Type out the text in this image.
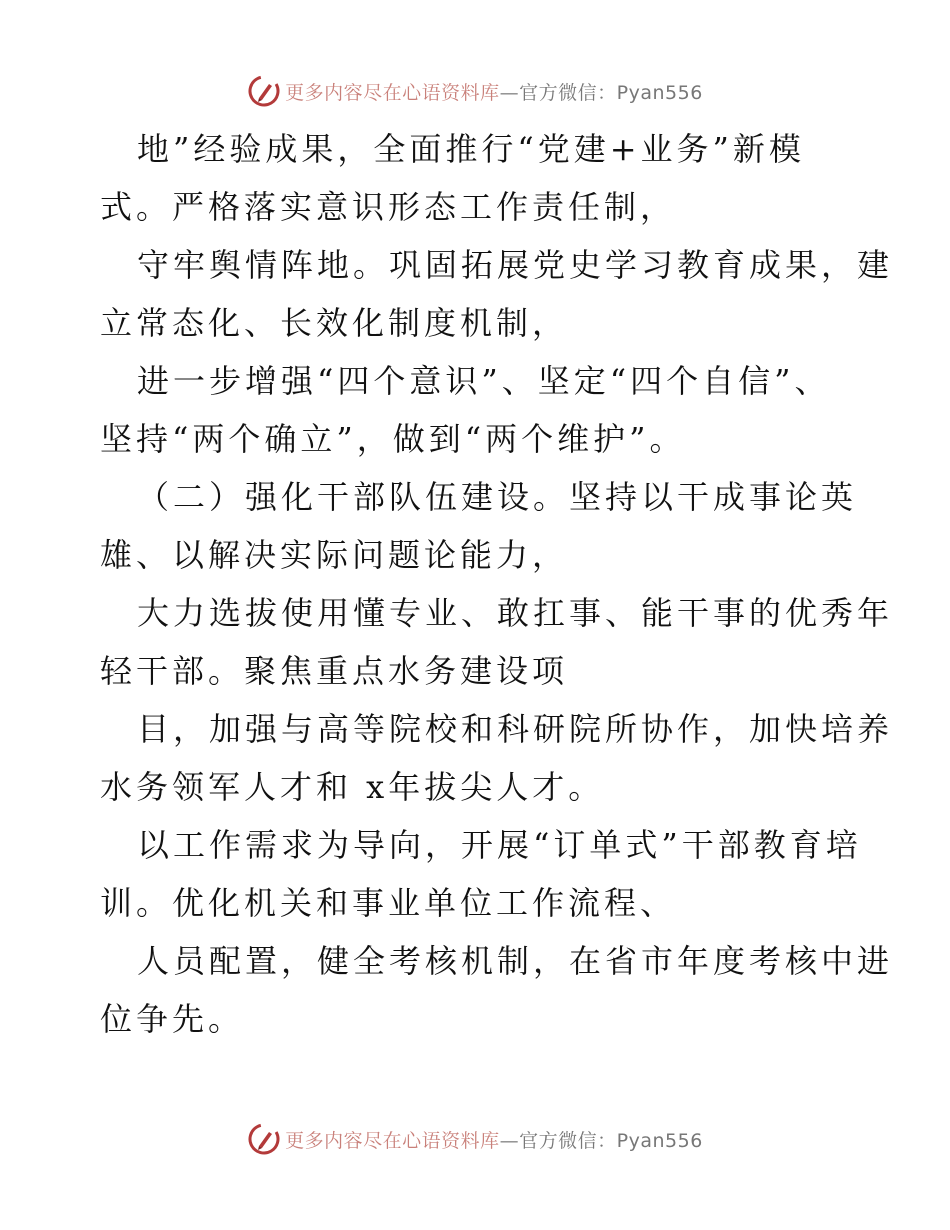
更多内容尽在心语资料库—官方微信：Pyan556
地”经验成果，全面推行“党建+业务”新模
式。严格落实意识形态工作责任制，
守牢舆情阵地。巩固拓展党史学习教育成果，建
立常态化、长效化制度机制，
进一步增强“四个意识”、坚定“四个自信”、
坚持“两个确立”，做到“两个维护”。
（二）强化干部队伍建设。坚持以干成事论英
雄、以解决实际问题论能力，
大力选拔使用懂专业、敢扛事、能干事的优秀年
轻干部。聚焦重点水务建设项
目，加强与高等院校和科研院所协作，加快培养
水务领军人才和 x年拔尖人才。
以工作需求为导向，开展“订单式”干部教育培
训。优化机关和事业单位工作流程、
人员配置，健全考核机制，在省市年度考核中进
位争先。
更多内容尽在心语资料库—官方微信：Pyan556
